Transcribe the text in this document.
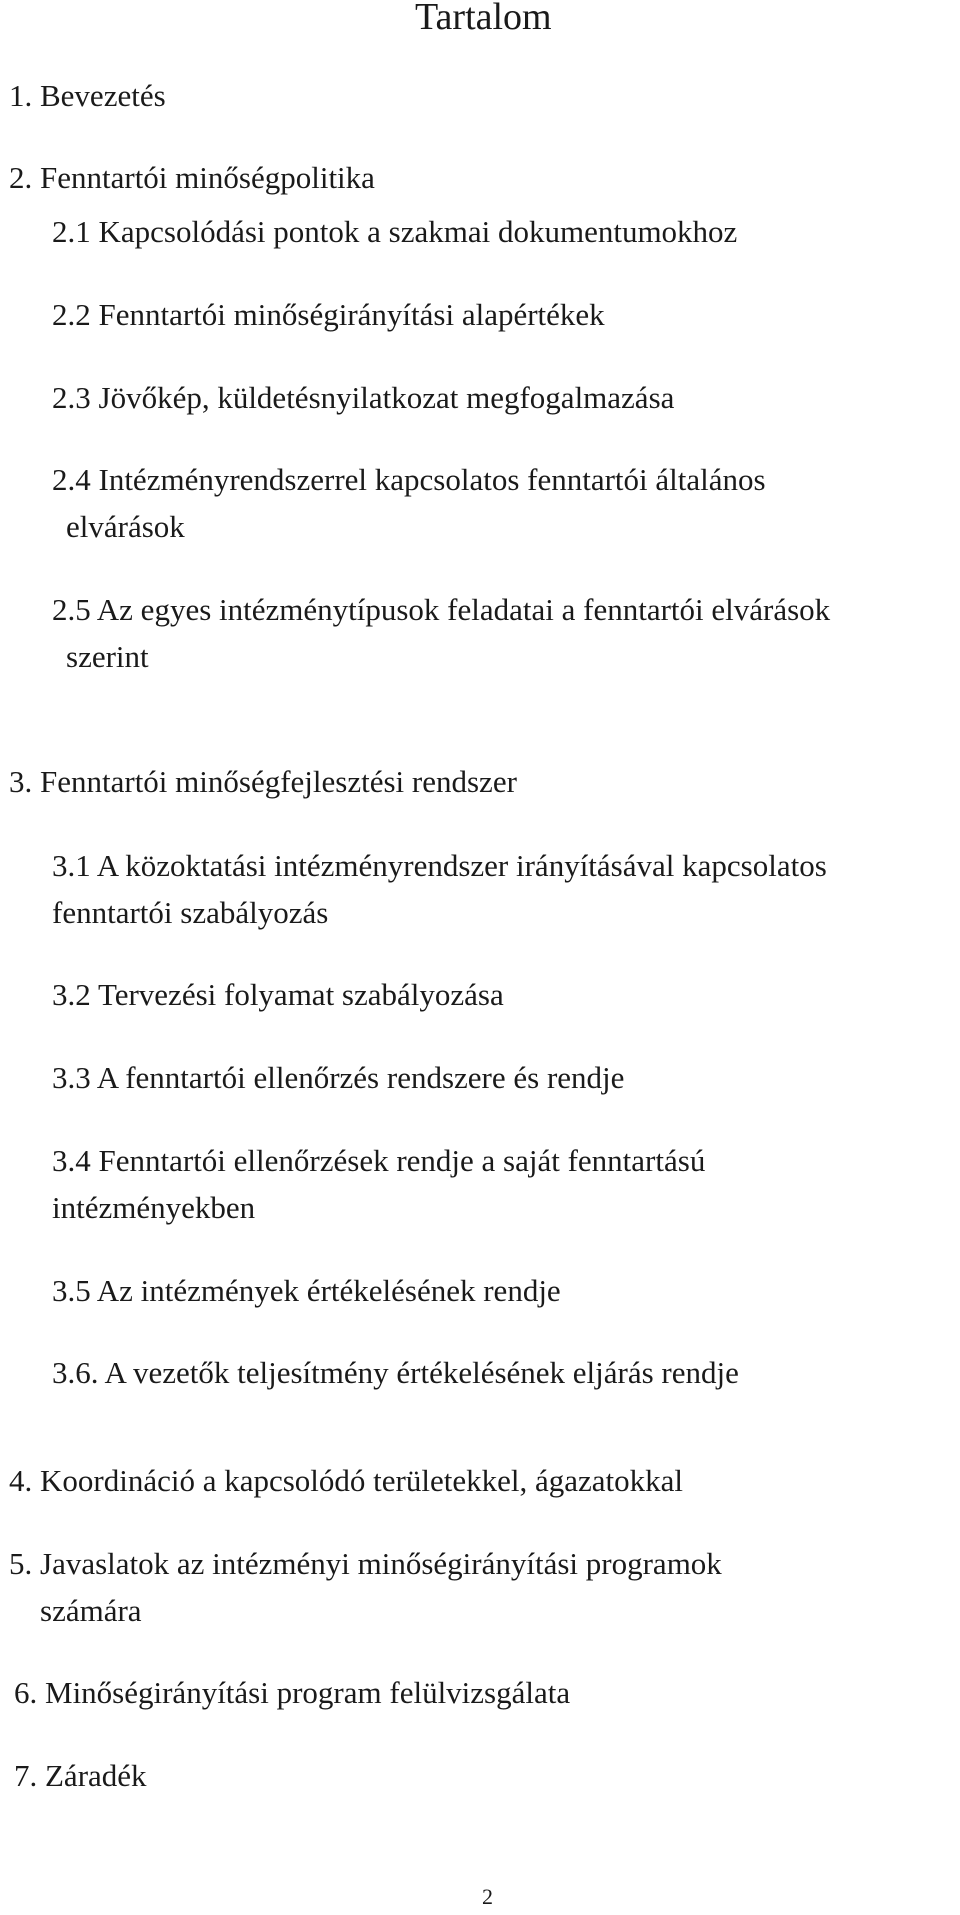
Tartalom
1. Bevezetés
2. Fenntartói minőségpolitika
2.1 Kapcsolódási pontok a szakmai dokumentumokhoz
2.2 Fenntartói minőségirányítási alapértékek
2.3 Jövőkép, küldetésnyilatkozat megfogalmazása
2.4 Intézményrendszerrel kapcsolatos fenntartói általános
elvárások
2.5 Az egyes intézménytípusok feladatai a fenntartói elvárások
szerint
3. Fenntartói minőségfejlesztési rendszer
3.1 A közoktatási intézményrendszer irányításával kapcsolatos
fenntartói szabályozás
3.2 Tervezési folyamat szabályozása
3.3 A fenntartói ellenőrzés rendszere és rendje
3.4 Fenntartói ellenőrzések rendje a saját fenntartású
intézményekben
3.5 Az intézmények értékelésének rendje
3.6. A vezetők teljesítmény értékelésének eljárás rendje
4. Koordináció a kapcsolódó területekkel, ágazatokkal
5. Javaslatok az intézményi minőségirányítási programok
számára
6. Minőségirányítási program felülvizsgálata
7. Záradék
2
